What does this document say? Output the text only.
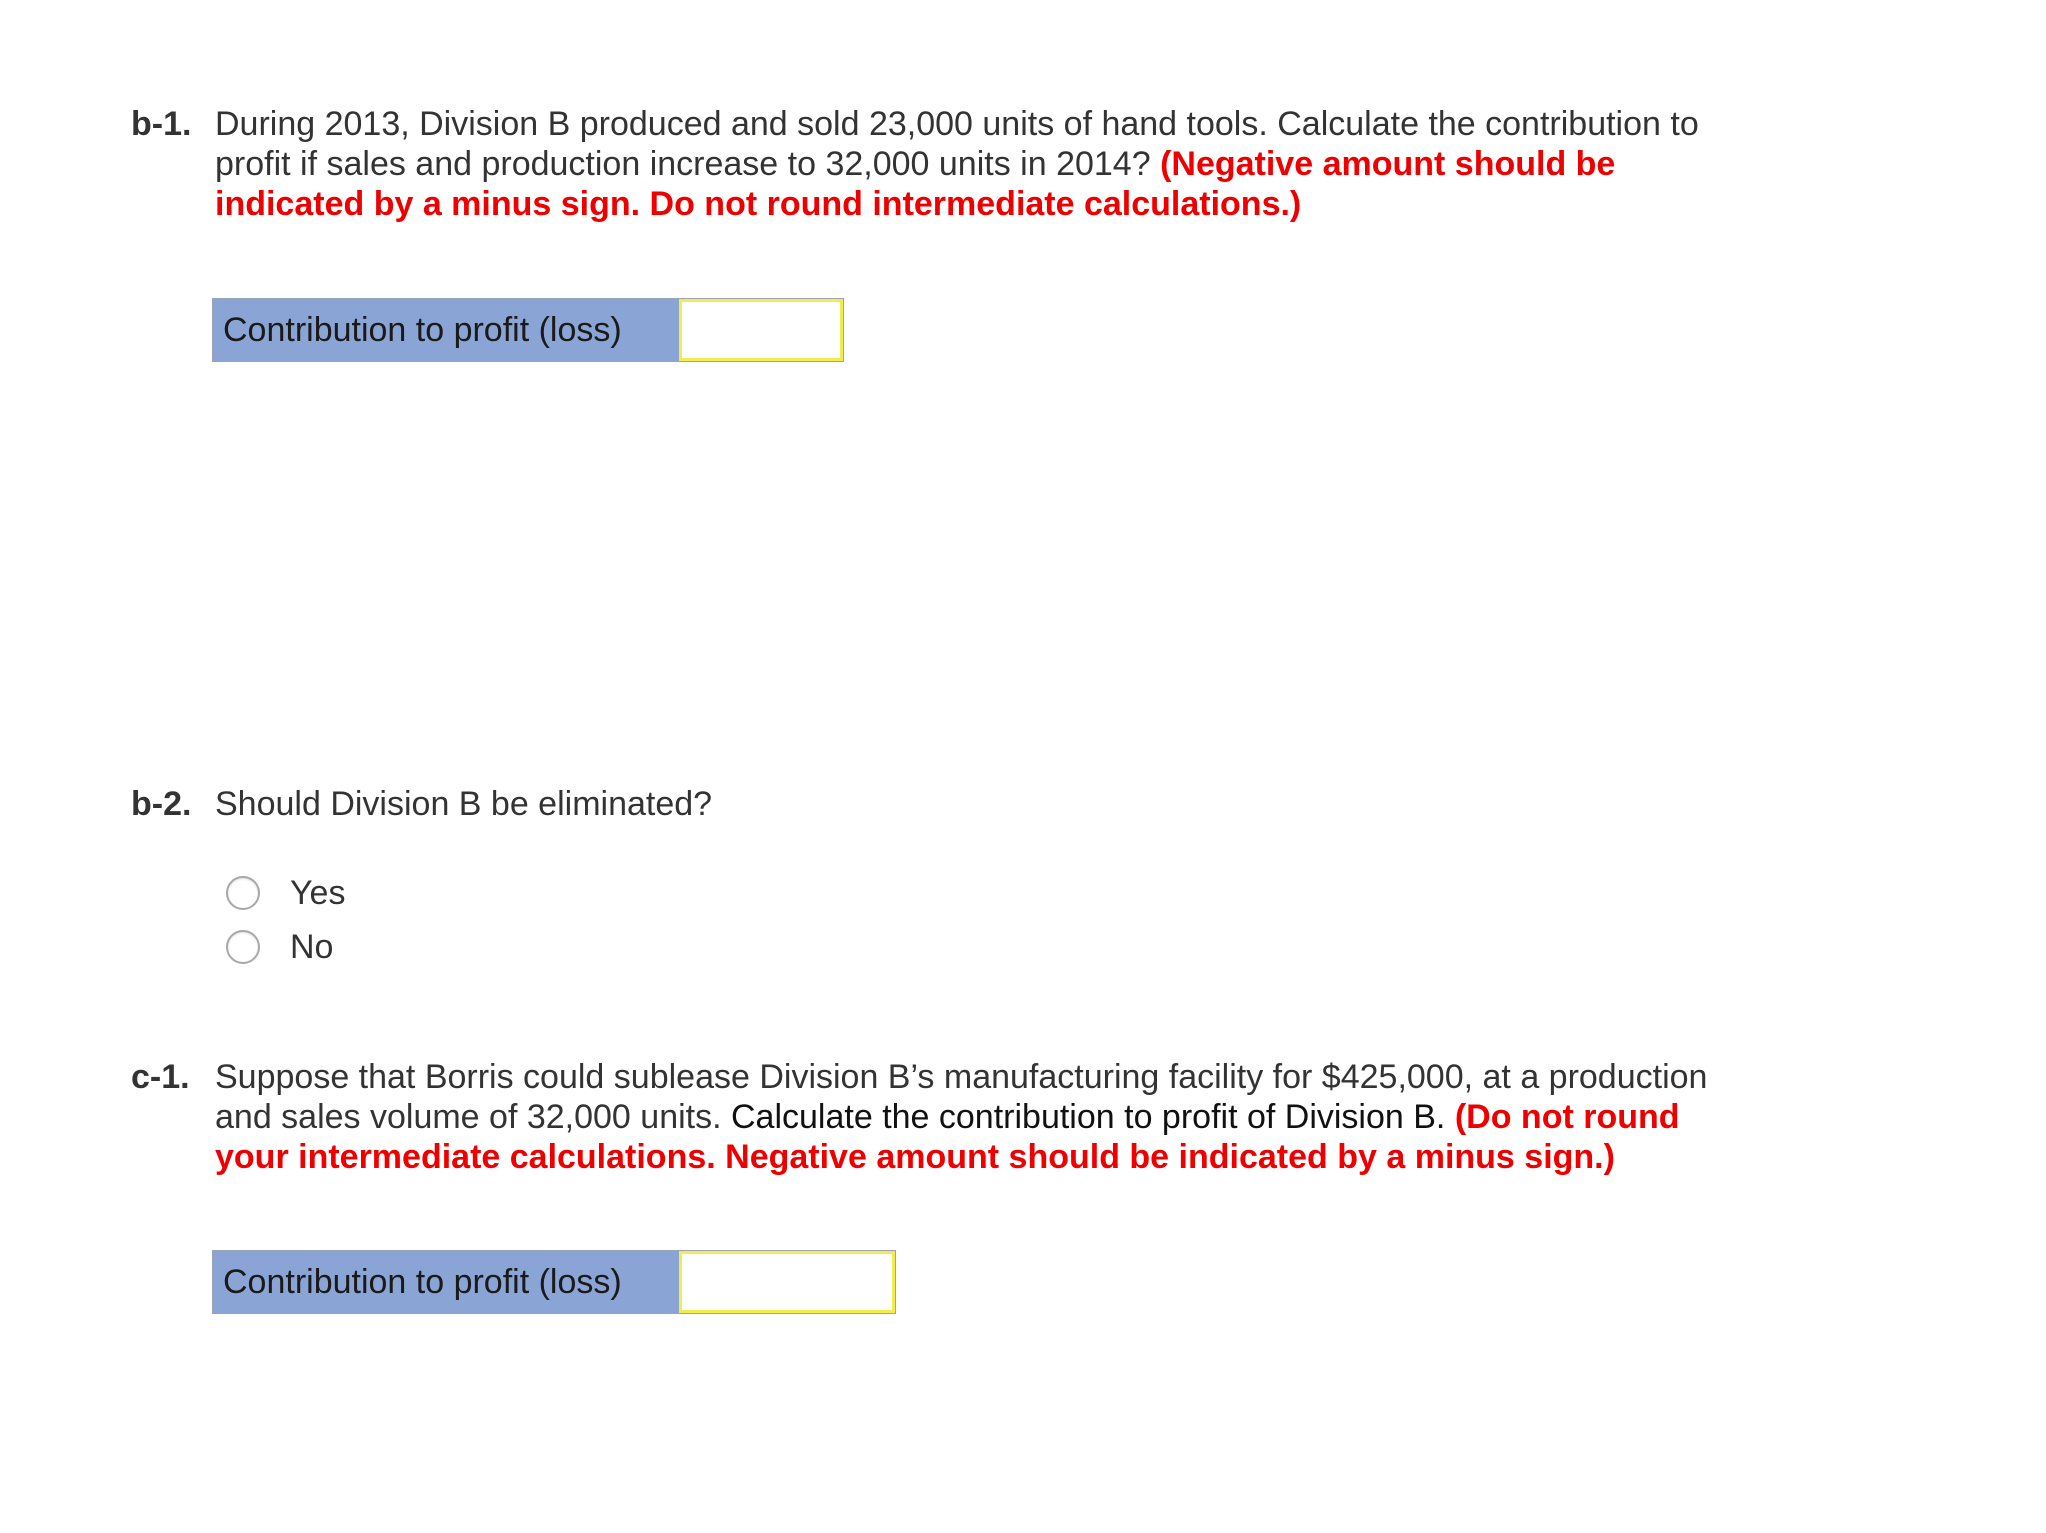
b-1. During 2013, Division B produced and sold 23,000 units of hand tools. Calculate the contribution to profit if sales and production increase to 32,000 units in 2014? (Negative amount should be indicated by a minus sign. Do not round intermediate calculations.)
Contribution to profit (loss)
b-2. Should Division B be eliminated?
Yes
No
c-1. Suppose that Borris could sublease Division B’s manufacturing facility for $425,000, at a production and sales volume of 32,000 units. Calculate the contribution to profit of Division B. (Do not round your intermediate calculations. Negative amount should be indicated by a minus sign.)
Contribution to profit (loss)
